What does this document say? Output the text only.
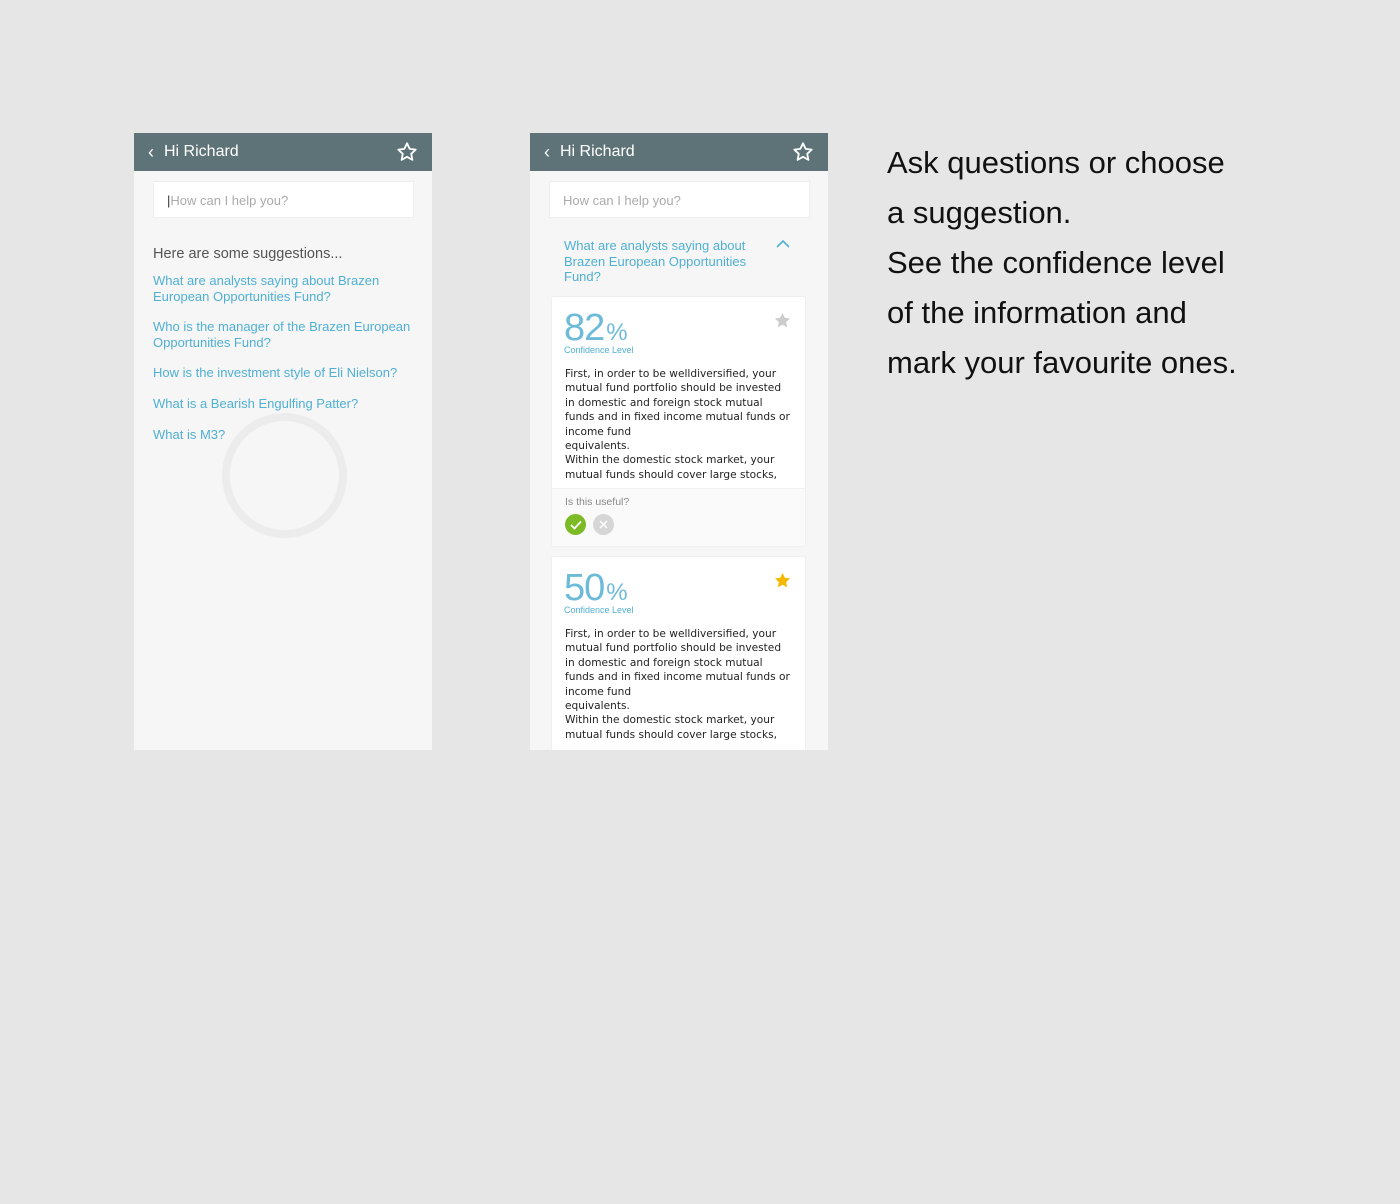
‹ Hi Richard
|How can I help you?
Here are some suggestions...
What are analysts saying about Brazen European Opportunities Fund?
Who is the manager of the Brazen European Opportunities Fund?
How is the investment style of Eli Nielson?
What is a Bearish Engulfing Patter?
What is M3?
‹ Hi Richard
How can I help you?
What are analysts saying about Brazen European Opportunities Fund?
82%
Confidence Level
First, in order to be welldiversified, your
mutual fund portfolio should be invested
in domestic and foreign stock mutual
funds and in fixed income mutual funds or
income fund
equivalents.
Within the domestic stock market, your
mutual funds should cover large stocks,
Is this useful?
50%
Confidence Level
First, in order to be welldiversified, your
mutual fund portfolio should be invested
in domestic and foreign stock mutual
funds and in fixed income mutual funds or
income fund
equivalents.
Within the domestic stock market, your
mutual funds should cover large stocks,
Ask questions or choose
a suggestion.
See the confidence level
of the information and
mark your favourite ones.
